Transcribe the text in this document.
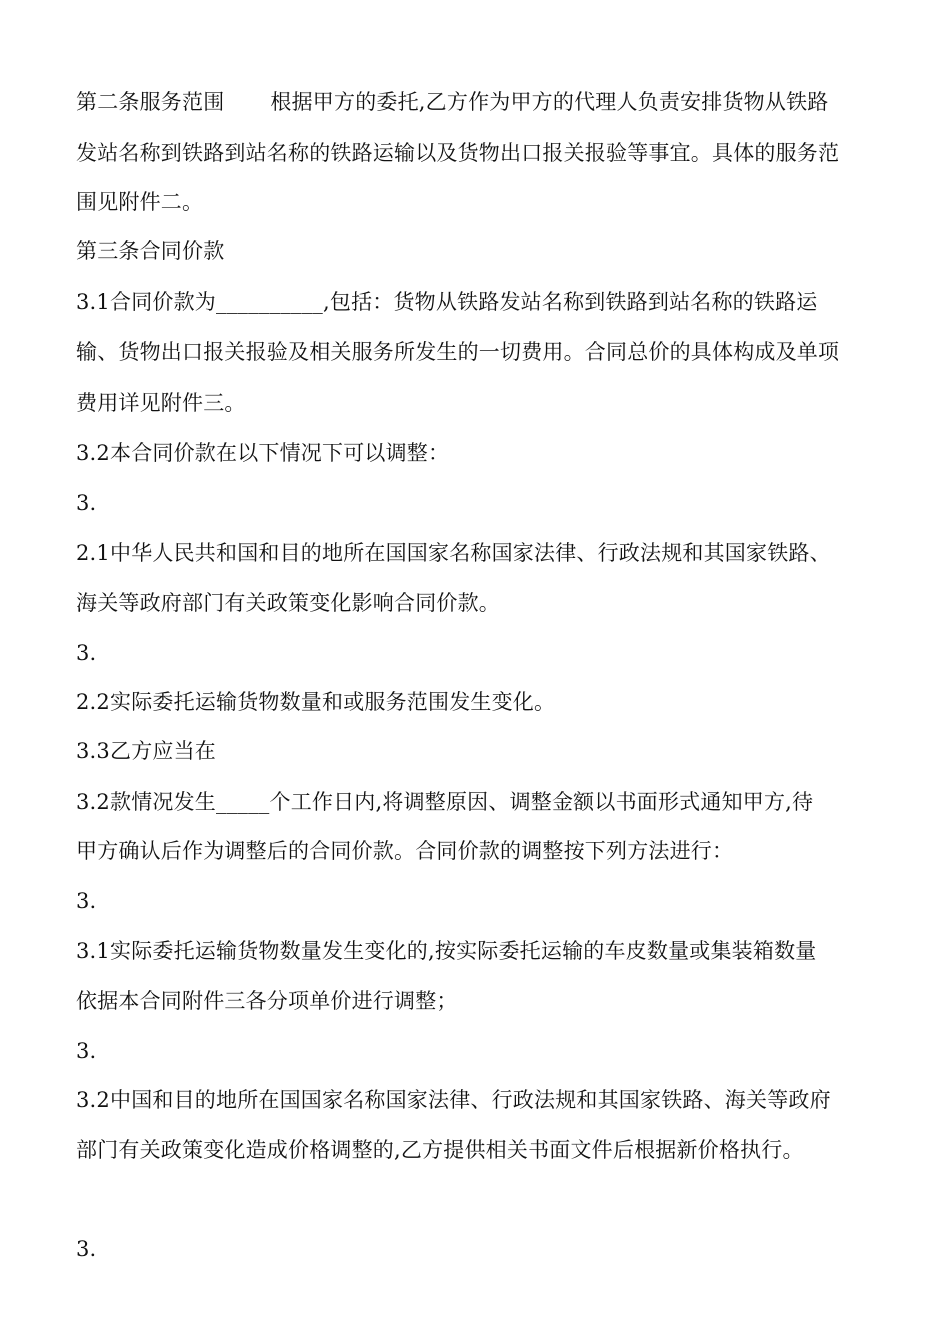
第二条服务范围 根据甲方的委托,乙方作为甲方的代理人负责安排货物从铁路
发站名称到铁路到站名称的铁路运输以及货物出口报关报验等事宜。具体的服务范
围见附件二。
第三条合同价款
3.1合同价款为__________,包括：货物从铁路发站名称到铁路到站名称的铁路运
输、货物出口报关报验及相关服务所发生的一切费用。合同总价的具体构成及单项
费用详见附件三。
3.2本合同价款在以下情况下可以调整：
3.
2.1中华人民共和国和目的地所在国国家名称国家法律、行政法规和其国家铁路、
海关等政府部门有关政策变化影响合同价款。
3.
2.2实际委托运输货物数量和或服务范围发生变化。
3.3乙方应当在
3.2款情况发生_____个工作日内,将调整原因、调整金额以书面形式通知甲方,待
甲方确认后作为调整后的合同价款。合同价款的调整按下列方法进行：
3.
3.1实际委托运输货物数量发生变化的,按实际委托运输的车皮数量或集装箱数量
依据本合同附件三各分项单价进行调整；
3.
3.2中国和目的地所在国国家名称国家法律、行政法规和其国家铁路、海关等政府
部门有关政策变化造成价格调整的,乙方提供相关书面文件后根据新价格执行。
3.
